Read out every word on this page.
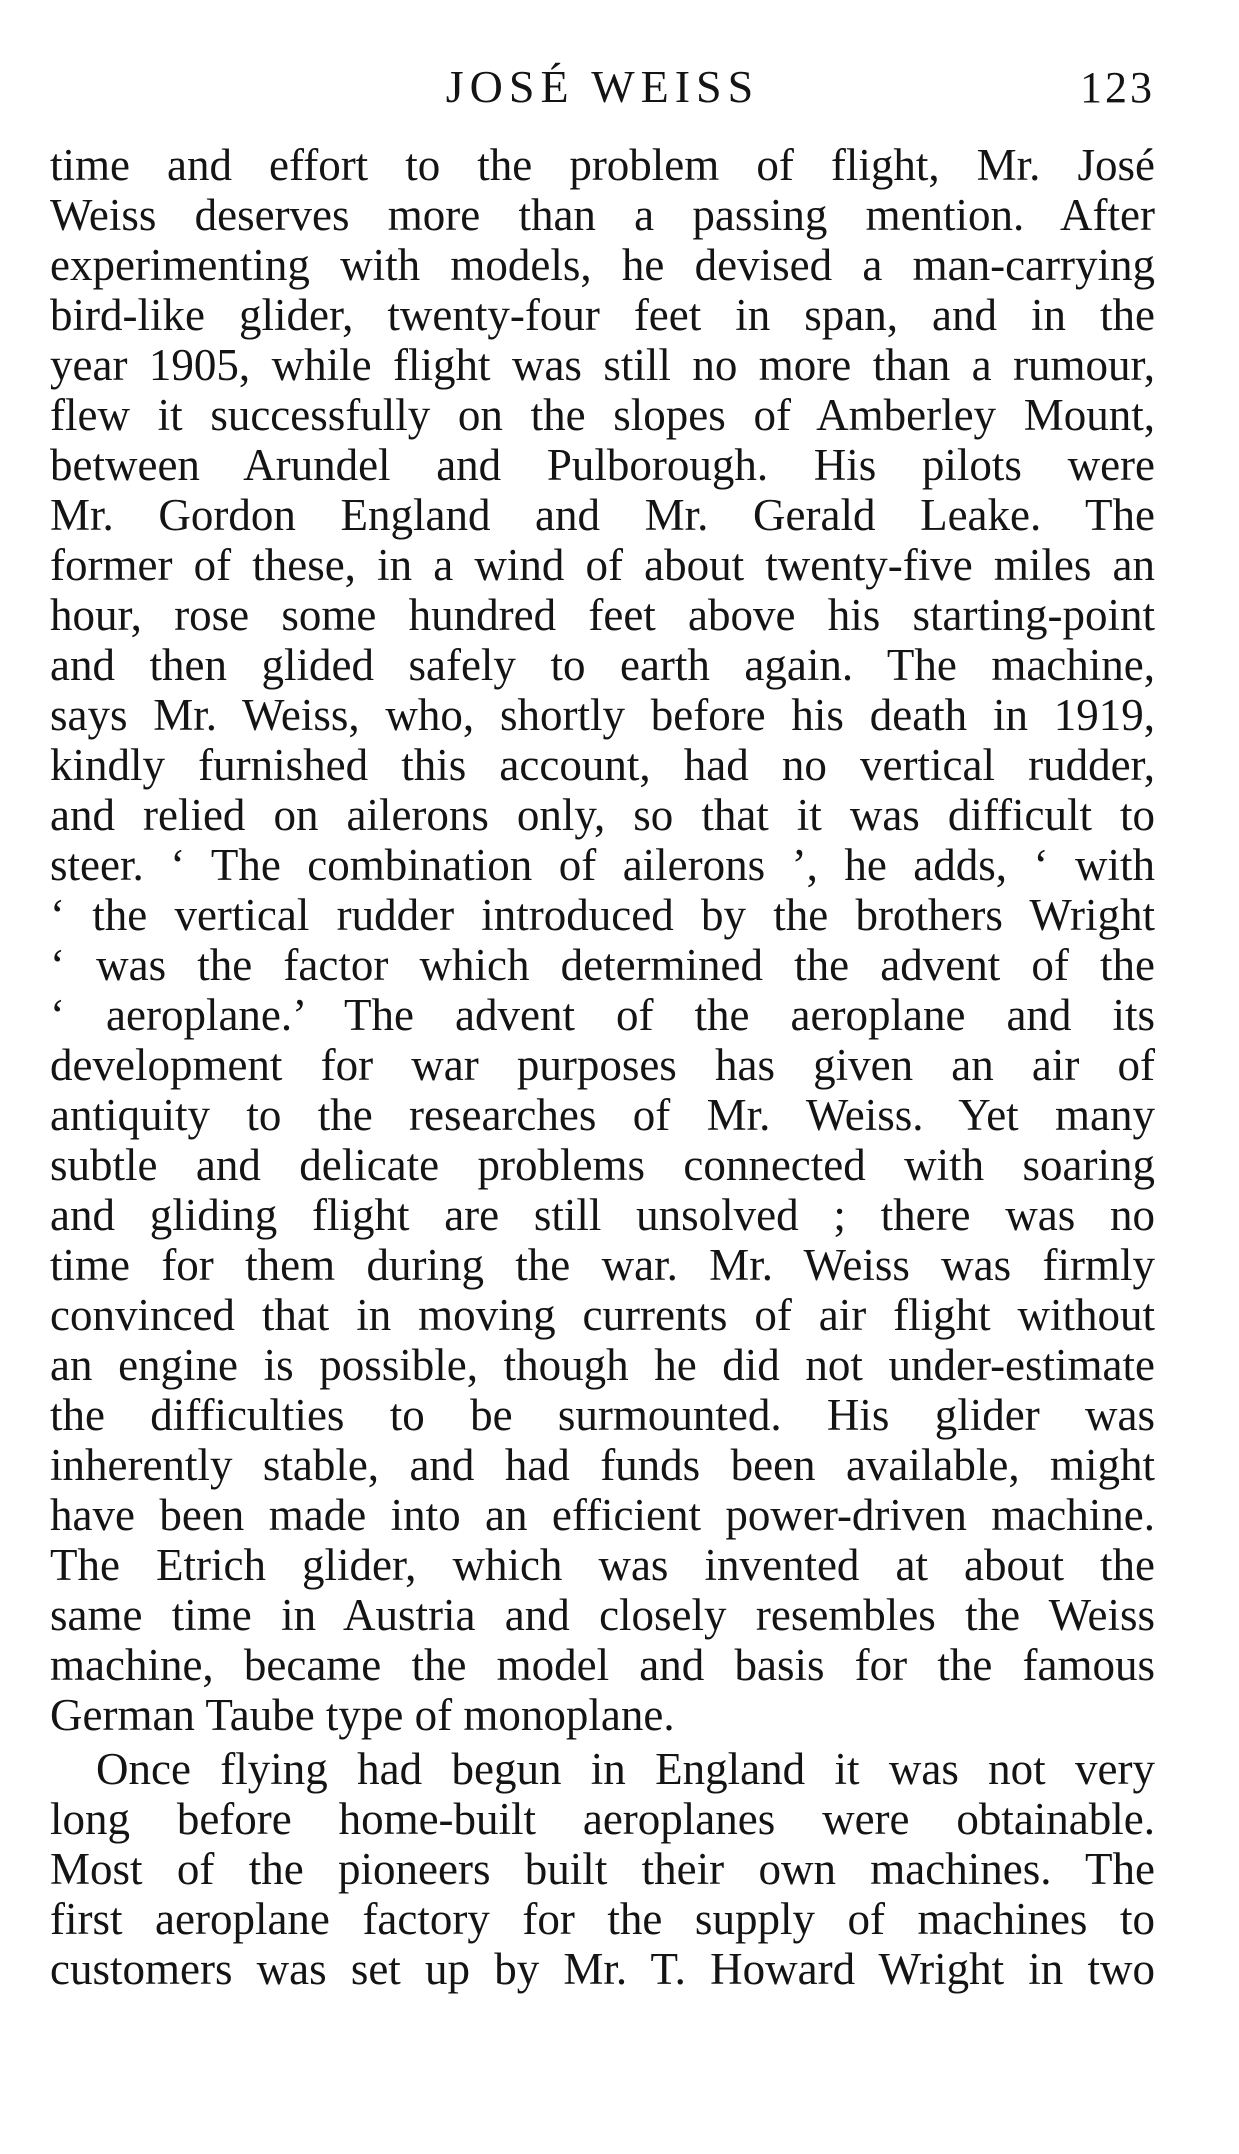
JOSÉ WEISS	123
time and effort to the problem of flight, Mr. José
Weiss deserves more than a passing mention. After
experimenting with models, he devised a man-carrying
bird-like glider, twenty-four feet in span, and in the
year 1905, while flight was still no more than a rumour,
flew it successfully on the slopes of Amberley Mount,
between Arundel and Pulborough. His pilots were
Mr. Gordon England and Mr. Gerald Leake. The
former of these, in a wind of about twenty-five miles an
hour, rose some hundred feet above his starting-point
and then glided safely to earth again. The machine,
says Mr. Weiss, who, shortly before his death in 1919,
kindly furnished this account, had no vertical rudder,
and relied on ailerons only, so that it was difficult to
steer. ‘ The combination of ailerons ’, he adds, ‘ with
‘ the vertical rudder introduced by the brothers Wright
‘ was the factor which determined the advent of the
‘ aeroplane.’ The advent of the aeroplane and its
development for war purposes has given an air of
antiquity to the researches of Mr. Weiss. Yet many
subtle and delicate problems connected with soaring
and gliding flight are still unsolved ; there was no
time for them during the war. Mr. Weiss was firmly
convinced that in moving currents of air flight without
an engine is possible, though he did not under-estimate
the difficulties to be surmounted. His glider was
inherently stable, and had funds been available, might
have been made into an efficient power-driven machine.
The Etrich glider, which was invented at about the
same time in Austria and closely resembles the Weiss
machine, became the model and basis for the famous
German Taube type of monoplane.
Once flying had begun in England it was not very
long before home-built aeroplanes were obtainable.
Most of the pioneers built their own machines. The
first aeroplane factory for the supply of machines to
customers was set up by Mr. T. Howard Wright in two
